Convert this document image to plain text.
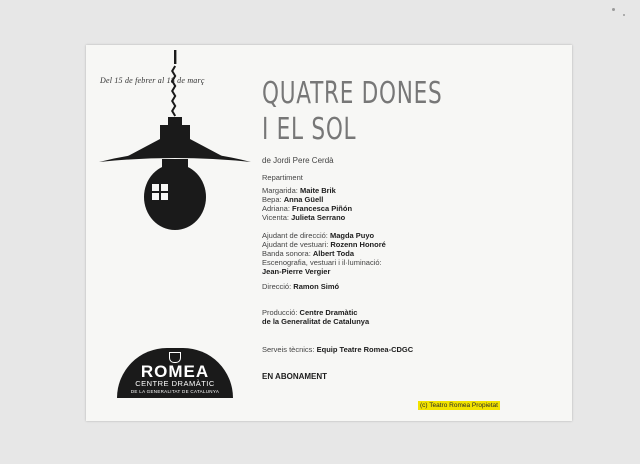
Del 15 de febrer al 18 de març QUATRE DONES
I EL SOL
de Jordi Pere Cerdà
Repartiment
Margarida: Maite Brik
Bepa: Anna Güell
Adriana: Francesca Piñón
Vicenta: Julieta Serrano
Ajudant de direcció: Magda Puyo
Ajudant de vestuari: Rozenn Honoré
Banda sonora: Albert Toda
Escenografia, vestuari i il·luminació:
Jean-Pierre Vergier
Direcció: Ramon Simó
Producció: Centre Dramàtic
de la Generalitat de Catalunya
Serveis tècnics: Equip Teatre Romea-CDGC
EN ABONAMENT
ROMEA
CENTRE DRAMÀTIC
DE LA GENERALITAT DE CATALUNYA
(c) Teatro Romea Propietat
